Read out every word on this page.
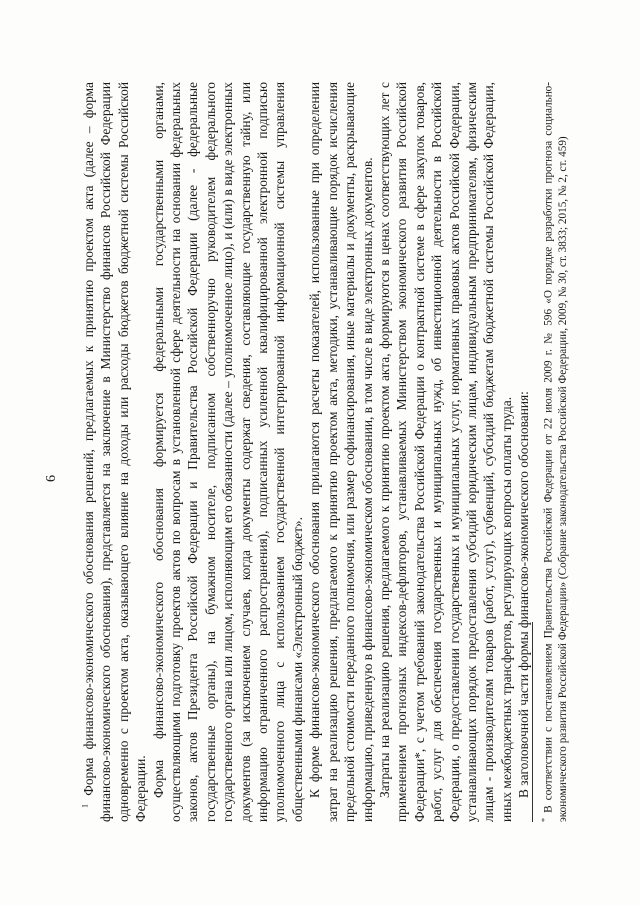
6

$^1$ Форма финансово-экономического обоснования решений, предлагаемых к принятию проектом акта (далее – форма финансово-экономического обоснования), представляется на заключение в Министерство финансов Российской Федерации одновременно с проектом акта, оказывающего влияние на доходы или расходы бюджетов бюджетной системы Российской Федерации. Форма финансово-экономического обоснования формируется федеральными государственными органами, осуществляющими подготовку проектов актов по вопросам в установленной сфере деятельности на основании федеральных законов, актов Президента Российской Федерации и Правительства Российской Федерации (далее - федеральные государственные органы), на бумажном носителе, подписанном собственноручно руководителем федерального государственного органа или лицом, исполняющим его обязанности (далее – уполномоченное лицо), и (или) в виде электронных документов (за исключением случаев, когда документы содержат сведения, составляющие государственную тайну, или информацию ограниченного распространения), подписанных усиленной квалифицированной электронной подписью уполномоченного лица с использованием государственной интегрированной информационной системы управления общественными финансами «Электронный бюджет». К форме финансово-экономического обоснования прилагаются расчеты показателей, использованные при определении затрат на реализацию решения, предлагаемого к принятию проектом акта, методики, устанавливающие порядок исчисления предельной стоимости переданного полномочия, или размер софинансирования, иные материалы и документы, раскрывающие информацию, приведенную в финансово-экономическом обосновании, в том числе в виде электронных документов. Затраты на реализацию решения, предлагаемого к принятию проектом акта, формируются в ценах соответствующих лет с применением прогнозных индексов-дефляторов, устанавливаемых Министерством экономического развития Российской Федерации*, с учетом требований законодательства Российской Федерации о контрактной системе в сфере закупок товаров, работ, услуг для обеспечения государственных и муниципальных нужд, об инвестиционной деятельности в Российской Федерации, о предоставлении государственных и муниципальных услуг, нормативных правовых актов Российской Федерации, устанавливающих порядок предоставления субсидий юридическим лицам, индивидуальным предпринимателям, физическим лицам - производителям товаров (работ, услуг), субвенций, субсидий бюджетам бюджетной системы Российской Федерации, иных межбюджетных трансфертов, регулирующих вопросы оплаты труда. В заголовочной части формы финансово-экономического обоснования:

* В соответствии с постановлением Правительства Российской Федерации от 22 июля 2009 г. № 596 «О порядке разработки прогноза социально-экономического развития Российской Федерации» (Собрание законодательства Российской Федерации, 2009, № 30, ст. 3833; 2015, № 2, ст. 459)
